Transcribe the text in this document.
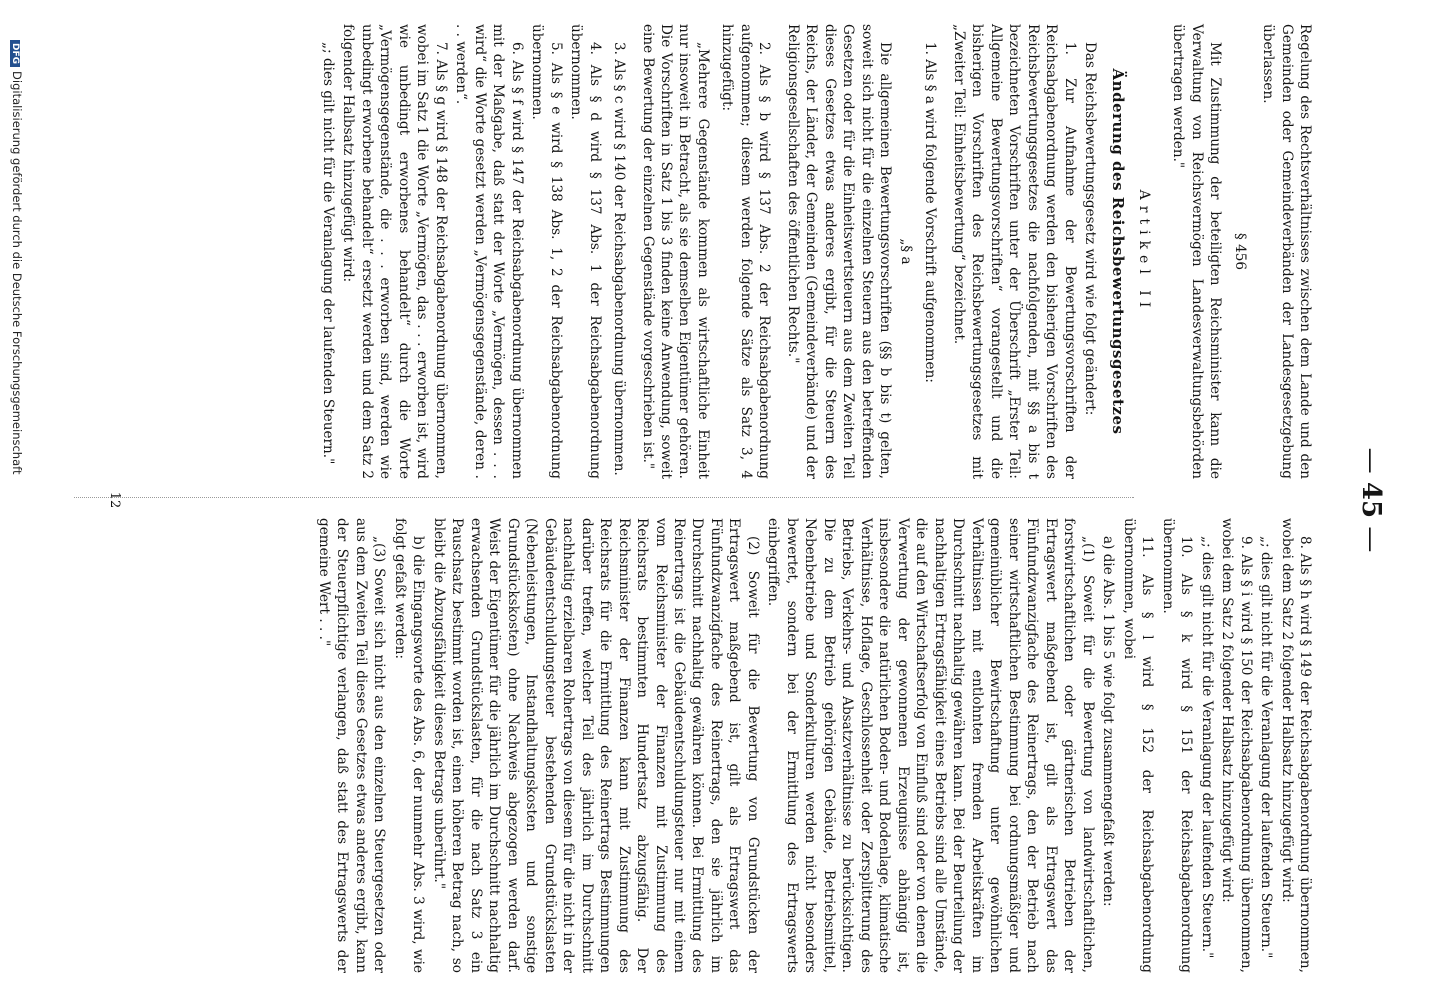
— 45 —

Regelung des Rechtsverhältnisses zwischen dem Lande und den Gemeinden oder Gemeindeverbänden der Landesgesetzgebung überlassen.

§ 456

Mit Zustimmung der beteiligten Reichsminister kann die Verwaltung von Reichsvermögen Landesverwaltungsbehörden übertragen werden."

Artikel II

Änderung des Reichsbewertungsgesetzes

Das Reichsbewertungsgesetz wird wie folgt geändert:

1. Zur Aufnahme der Bewertungsvorschriften der Reichsabgabenordnung werden den bisherigen Vorschriften des Reichsbewertungsgesetzes die nachfolgenden, mit §§ a bis t bezeichneten Vorschriften unter der Überschrift „Erster Teil: Allgemeine Bewertungsvorschriften“ vorangestellt und die bisherigen Vorschriften des Reichsbewertungsgesetzes mit „Zweiter Teil: Einheitsbewertung“ bezeichnet.

1. Als § a wird folgende Vorschrift aufgenommen:

„§ a

Die allgemeinen Bewertungsvorschriften (§§ b bis t) gelten, soweit sich nicht für die einzelnen Steuern aus den betreffenden Gesetzen oder für die Einheitswertsteuern aus dem Zweiten Teil dieses Gesetzes etwas anderes ergibt, für die Steuern des Reichs, der Länder, der Gemeinden (Gemeindeverbände) und der Religionsgesellschaften des öffentlichen Rechts."

2. Als § b wird § 137 Abs. 2 der Reichsabgabenordnung aufgenommen; diesem werden folgende Sätze als Satz 3, 4 hinzugefügt:

„Mehrere Gegenstände kommen als wirtschaftliche Einheit nur insoweit in Betracht, als sie demselben Eigentümer gehören. Die Vorschriften in Satz 1 bis 3 finden keine Anwendung, soweit eine Bewertung der einzelnen Gegenstände vorgeschrieben ist."

3. Als § c wird § 140 der Reichsabgabenordnung übernommen.

4. Als § d wird § 137 Abs. 1 der Reichsabgabenordnung übernommen.

5. Als § e wird § 138 Abs. 1, 2 der Reichsabgabenordnung übernommen.

6. Als § f wird § 147 der Reichsabgabenordnung übernommen mit der Maßgabe, daß statt der Worte „Vermögen, dessen . . . wird“ die Worte gesetzt werden „Vermögensgegenstände, deren . . . werden“.

7. Als § g wird § 148 der Reichsabgabenordnung übernommen, wobei im Satz 1 die Worte „Vermögen, das . . . erworben ist, wird wie unbedingt erworbenes behandelt“ durch die Worte „Vermögensgegenstände, die . . . erworben sind, werden wie unbedingt erworbene behandelt“ ersetzt werden und dem Satz 2 folgender Halbsatz hinzugefügt wird:

„; dies gilt nicht für die Veranlagung der laufenden Steuern."

8. Als § h wird § 149 der Reichsabgabenordnung übernommen, wobei dem Satz 2 folgender Halbsatz hinzugefügt wird:

„; dies gilt nicht für die Veranlagung der laufenden Steuern."

9. Als § i wird § 150 der Reichsabgabenordnung übernommen, wobei dem Satz 2 folgender Halbsatz hinzugefügt wird:

„; dies gilt nicht für die Veranlagung der laufenden Steuern."

10. Als § k wird § 151 der Reichsabgabenordnung übernommen.

11. Als § l wird § 152 der Reichsabgabenordnung übernommen, wobei

a) die Abs. 1 bis 5 wie folgt zusammengefaßt werden:

„(1) Soweit für die Bewertung von landwirtschaftlichen, forstwirtschaftlichen oder gärtnerischen Betrieben der Ertragswert maßgebend ist, gilt als Ertragswert das Fünfundzwanzigfache des Reinertrags, den der Betrieb nach seiner wirtschaftlichen Bestimmung bei ordnungsmäßiger und gemeinüblicher Bewirtschaftung unter gewöhnlichen Verhältnissen mit entlohnten fremden Arbeitskräften im Durchschnitt nachhaltig gewähren kann. Bei der Beurteilung der nachhaltigen Ertragsfähigkeit eines Betriebs sind alle Umstände, die auf den Wirtschaftserfolg von Einfluß sind oder von denen die Verwertung der gewonnenen Erzeugnisse abhängig ist, insbesondere die natürlichen Boden- und Bodenlage, klimatische Verhältnisse, Hoflage, Geschlossenheit oder Zersplitterung des Betriebs, Verkehrs- und Absatzverhältnisse zu berücksichtigen. Die zu dem Betrieb gehörigen Gebäude, Betriebsmittel, Nebenbetriebe und Sonderkulturen werden nicht besonders bewertet, sondern bei der Ermittlung des Ertragswerts einbegriffen.

(2) Soweit für die Bewertung von Grundstücken der Ertragswert maßgebend ist, gilt als Ertragswert das Fünfundzwanzigfache des Reinertrags, den sie jährlich im Durchschnitt nachhaltig gewähren können. Bei Ermittlung des Reinertrags ist die Gebäudeentschuldungsteuer nur mit einem vom Reichsminister der Finanzen mit Zustimmung des Reichsrats bestimmten Hundertsatz abzugsfähig. Der Reichsminister der Finanzen kann mit Zustimmung des Reichsrats für die Ermittlung des Reinertrags Bestimmungen darüber treffen, welcher Teil des jährlich im Durchschnitt nachhaltig erzielbaren Rohertrags von diesem für die nicht in der Gebäudeentschuldungsteuer bestehenden Grundstückslasten (Nebenleistungen, Instandhaltungskosten und sonstige Grundstückskosten) ohne Nachweis abgezogen werden darf. Weist der Eigentümer für die jährlich im Durchschnitt nachhaltig erwachsenden Grundstückslasten, für die nach Satz 3 ein Pauschsatz bestimmt worden ist, einen höheren Betrag nach, so bleibt die Abzugsfähigkeit dieses Betrags unberührt."

b) die Eingangsworte des Abs. 6, der nunmehr Abs. 3 wird, wie folgt gefaßt werden:

„(3) Soweit sich nicht aus den einzelnen Steuergesetzen oder aus dem Zweiten Teil dieses Gesetzes etwas anderes ergibt, kann der Steuerpflichtige verlangen, daß statt des Ertragswerts der gemeine Wert . . ."

12
DFGDigitalisierung gefördert durch die Deutsche Forschungsgemeinschaft
